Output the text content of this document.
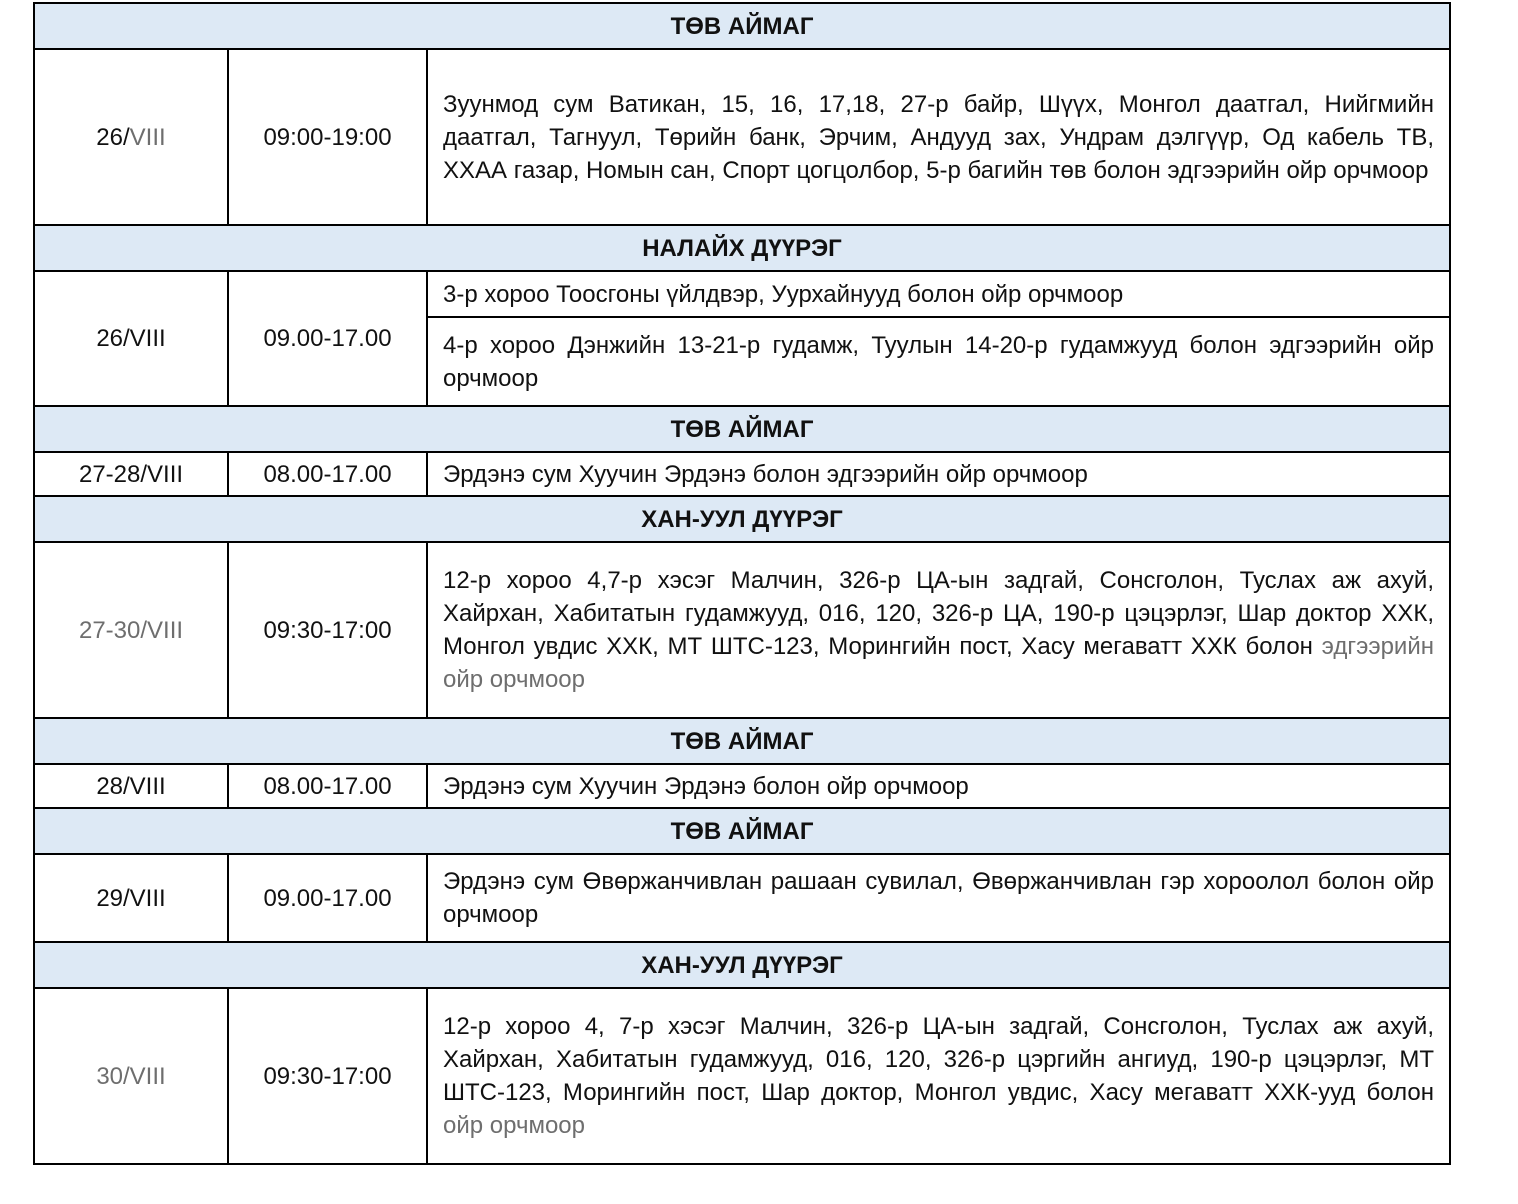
ТӨВ АЙМАГ		
26/VIII	09:00-19:00	Зуунмод сум Ватикан, 15, 16, 17,18, 27-р байр, Шүүх, Монгол даатгал, Нийгмийн даатгал, Тагнуул, Төрийн банк, Эрчим, Андууд зах, Ундрам дэлгүүр, Од кабель ТВ, ХХАА газар, Номын сан, Спорт цогцолбор, 5-р багийн төв болон эдгээрийн ойр орчмоор
НАЛАЙХ ДҮҮРЭГ		
26/VIII	09.00-17.00	3-р хороо Тоосгоны үйлдвэр, Уурхайнууд болон ойр орчмоор
		4-р хороо Дэнжийн 13-21-р гудамж, Туулын 14-20-р гудамжууд болон эдгээрийн ойр орчмоор
ТӨВ АЙМАГ		
27-28/VIII	08.00-17.00	Эрдэнэ сум Хуучин Эрдэнэ болон эдгээрийн ойр орчмоор
ХАН-УУЛ ДҮҮРЭГ		
27-30/VIII	09:30-17:00	12-р хороо 4,7-р хэсэг Малчин, 326-р ЦА-ын задгай, Сонсголон, Туслах аж ахуй, Хайрхан, Хабитатын гудамжууд, 016, 120, 326-р ЦА, 190-р цэцэрлэг, Шар доктор ХХК, Монгол увдис ХХК, МТ ШТС-123, Морингийн пост, Хасу мегаватт ХХК болон эдгээрийн ойр орчмоор
ТӨВ АЙМАГ		
28/VIII	08.00-17.00	Эрдэнэ сум Хуучин Эрдэнэ болон ойр орчмоор
ТӨВ АЙМАГ		
29/VIII	09.00-17.00	Эрдэнэ сум Өвөржанчивлан рашаан сувилал, Өвөржанчивлан гэр хороолол болон ойр орчмоор
ХАН-УУЛ ДҮҮРЭГ		
30/VIII	09:30-17:00	12-р хороо 4, 7-р хэсэг Малчин, 326-р ЦА-ын задгай, Сонсголон, Туслах аж ахуй, Хайрхан, Хабитатын гудамжууд, 016, 120, 326-р цэргийн ангиуд, 190-р цэцэрлэг, МТ ШТС-123, Морингийн пост, Шар доктор, Монгол увдис, Хасу мегаватт ХХК-ууд болон ойр орчмоор
